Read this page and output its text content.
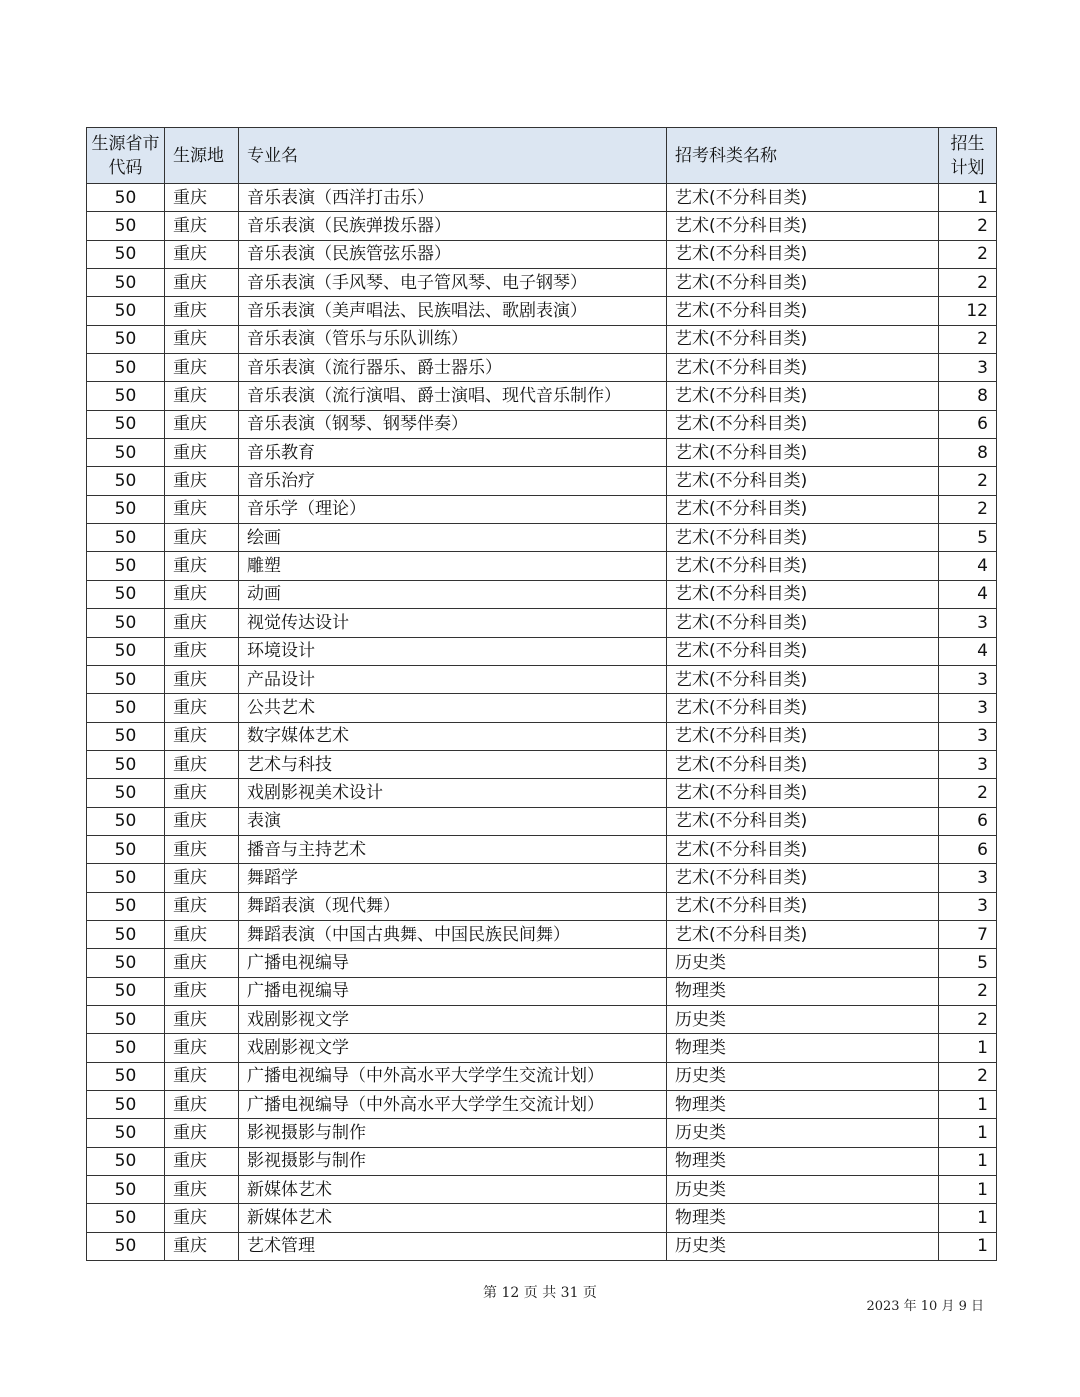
生源省市代码	生源地	专业名	招考科类名称	招生计划
50	重庆	音乐表演（西洋打击乐）	艺术(不分科目类)	1
50	重庆	音乐表演（民族弹拨乐器）	艺术(不分科目类)	2
50	重庆	音乐表演（民族管弦乐器）	艺术(不分科目类)	2
50	重庆	音乐表演（手风琴、电子管风琴、电子钢琴）	艺术(不分科目类)	2
50	重庆	音乐表演（美声唱法、民族唱法、歌剧表演）	艺术(不分科目类)	12
50	重庆	音乐表演（管乐与乐队训练）	艺术(不分科目类)	2
50	重庆	音乐表演（流行器乐、爵士器乐）	艺术(不分科目类)	3
50	重庆	音乐表演（流行演唱、爵士演唱、现代音乐制作）	艺术(不分科目类)	8
50	重庆	音乐表演（钢琴、钢琴伴奏）	艺术(不分科目类)	6
50	重庆	音乐教育	艺术(不分科目类)	8
50	重庆	音乐治疗	艺术(不分科目类)	2
50	重庆	音乐学（理论）	艺术(不分科目类)	2
50	重庆	绘画	艺术(不分科目类)	5
50	重庆	雕塑	艺术(不分科目类)	4
50	重庆	动画	艺术(不分科目类)	4
50	重庆	视觉传达设计	艺术(不分科目类)	3
50	重庆	环境设计	艺术(不分科目类)	4
50	重庆	产品设计	艺术(不分科目类)	3
50	重庆	公共艺术	艺术(不分科目类)	3
50	重庆	数字媒体艺术	艺术(不分科目类)	3
50	重庆	艺术与科技	艺术(不分科目类)	3
50	重庆	戏剧影视美术设计	艺术(不分科目类)	2
50	重庆	表演	艺术(不分科目类)	6
50	重庆	播音与主持艺术	艺术(不分科目类)	6
50	重庆	舞蹈学	艺术(不分科目类)	3
50	重庆	舞蹈表演（现代舞）	艺术(不分科目类)	3
50	重庆	舞蹈表演（中国古典舞、中国民族民间舞）	艺术(不分科目类)	7
50	重庆	广播电视编导	历史类	5
50	重庆	广播电视编导	物理类	2
50	重庆	戏剧影视文学	历史类	2
50	重庆	戏剧影视文学	物理类	1
50	重庆	广播电视编导（中外高水平大学学生交流计划）	历史类	2
50	重庆	广播电视编导（中外高水平大学学生交流计划）	物理类	1
50	重庆	影视摄影与制作	历史类	1
50	重庆	影视摄影与制作	物理类	1
50	重庆	新媒体艺术	历史类	1
50	重庆	新媒体艺术	物理类	1
50	重庆	艺术管理	历史类	1
第 12 页 共 31 页
2023 年 10 月 9 日
